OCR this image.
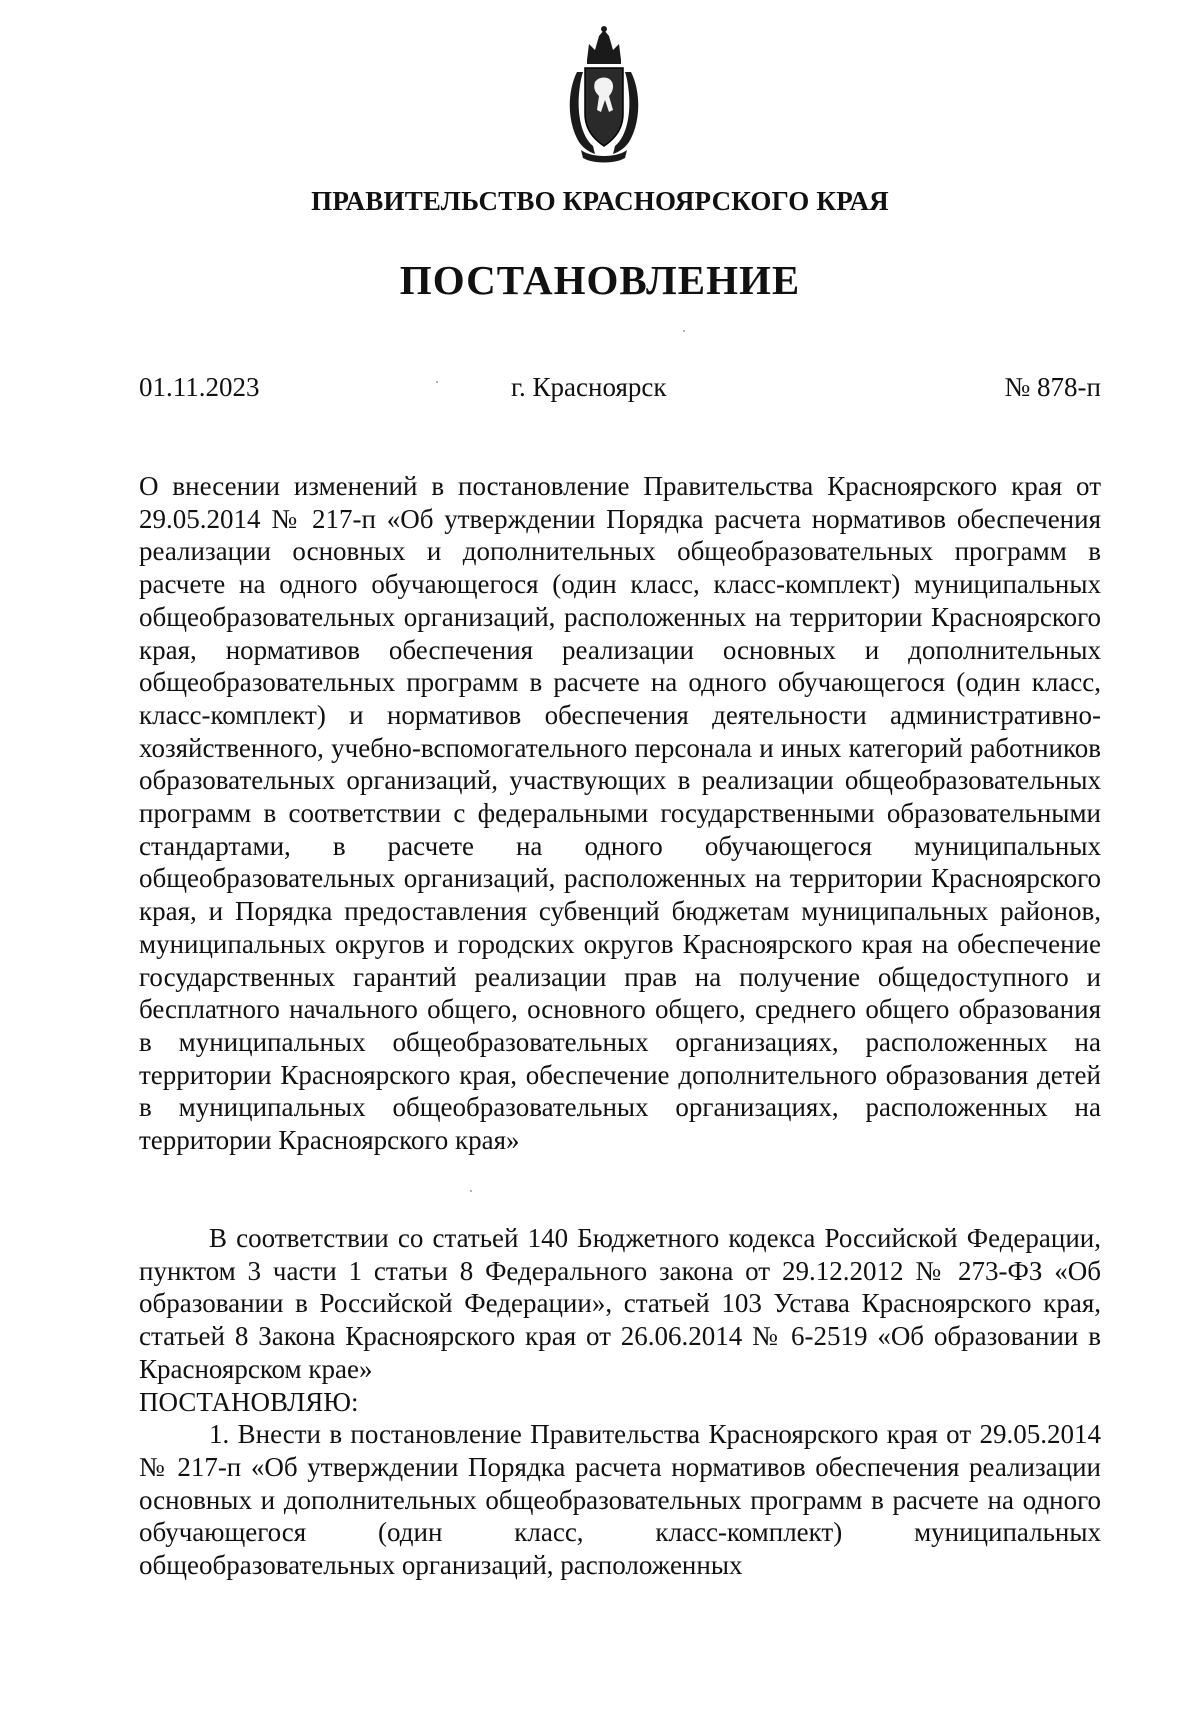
ПРАВИТЕЛЬСТВО КРАСНОЯРСКОГО КРАЯ
ПОСТАНОВЛЕНИЕ
01.11.2023	г. Красноярск	№ 878-п
О внесении изменений в постановление Правительства Красноярского края от 29.05.2014 № 217-п «Об утверждении Порядка расчета нормативов обеспечения реализации основных и дополнительных общеобразовательных программ в расчете на одного обучающегося (один класс, класс-комплект) муниципальных общеобразовательных организаций, расположенных на территории Красноярского края, нормативов обеспечения реализации основных и дополнительных общеобразовательных программ в расчете на одного обучающегося (один класс, класс-комплект) и нормативов обеспечения деятельности административно-хозяйственного, учебно-вспомогательного персонала и иных категорий работников образовательных организаций, участвующих в реализации общеобразовательных программ в соответствии с федеральными государственными образовательными стандартами, в расчете на одного обучающегося муниципальных общеобразовательных организаций, расположенных на территории Красноярского края, и Порядка предоставления субвенций бюджетам муниципальных районов, муниципальных округов и городских округов Красноярского края на обеспечение государственных гарантий реализации прав на получение общедоступного и бесплатного начального общего, основного общего, среднего общего образования в муниципальных общеобразовательных организациях, расположенных на территории Красноярского края, обеспечение дополнительного образования детей в муниципальных общеобразовательных организациях, расположенных на территории Красноярского края»

В соответствии со статьей 140 Бюджетного кодекса Российской Федерации, пунктом 3 части 1 статьи 8 Федерального закона от 29.12.2012 № 273-ФЗ «Об образовании в Российской Федерации», статьей 103 Устава Красноярского края, статьей 8 Закона Красноярского края от 26.06.2014 № 6-2519 «Об образовании в Красноярском крае»

ПОСТАНОВЛЯЮ:

1. Внести в постановление Правительства Красноярского края от 29.05.2014 № 217-п «Об утверждении Порядка расчета нормативов обеспечения реализации основных и дополнительных общеобразовательных программ в расчете на одного обучающегося (один класс, класс-комплект) муниципальных общеобразовательных организаций, расположенных
